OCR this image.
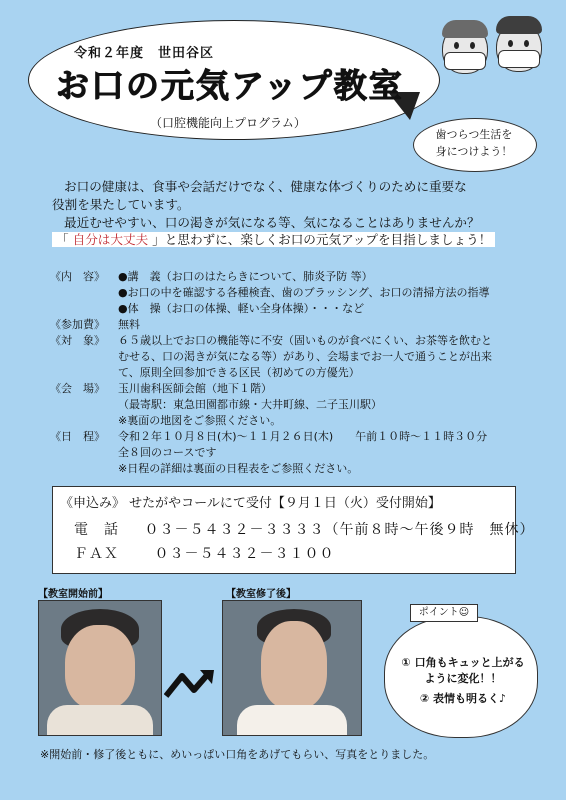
令和２年度　世田谷区
お口の元気アップ教室
（口腔機能向上プログラム）
歯つらつ生活を
身につけよう！
お口の健康は、食事や会話だけでなく、健康な体づくりのために重要な
役割を果たしています。
最近むせやすい、口の渇きが気になる等、気になることはありませんか？
「 自分は大丈夫 」と思わずに、楽しくお口の元気アップを目指しましょう！
《内　容》 ●講　義（お口のはたらきについて、肺炎予防 等）
●お口の中を確認する各種検査、歯のブラッシング、お口の清掃方法の指導
●体　操（お口の体操、軽い全身体操）・・・など
《参加費》 無料
《対　象》 ６５歳以上でお口の機能等に不安（固いものが食べにくい、お茶等を飲むと
むせる、口の渇きが気になる等）があり、会場までお一人で通うことが出来
て、原則全回参加できる区民（初めての方優先）
《会　場》 玉川歯科医師会館（地下１階）
（最寄駅：東急田園都市線・大井町線、二子玉川駅）
※裏面の地図をご参照ください。
《日　程》 令和２年１０月８日(木)～１１月２６日(木)　　午前１０時～１１時３０分
全８回のコースです
※日程の詳細は裏面の日程表をご参照ください。
《申込み》 せたがやコールにて受付【９月１日（火）受付開始】
電　話 ０３－５４３２－３３３３（午前８時～午後９時　無休）
ＦＡＸ	０３－５４３２－３１００
【教室開始前】	【教室修了後】
ポイント☺
① 口角もキュッと上がる
ように変化！！
② 表情も明るく♪
※開始前・修了後ともに、めいっぱい口角をあげてもらい、写真をとりました。
